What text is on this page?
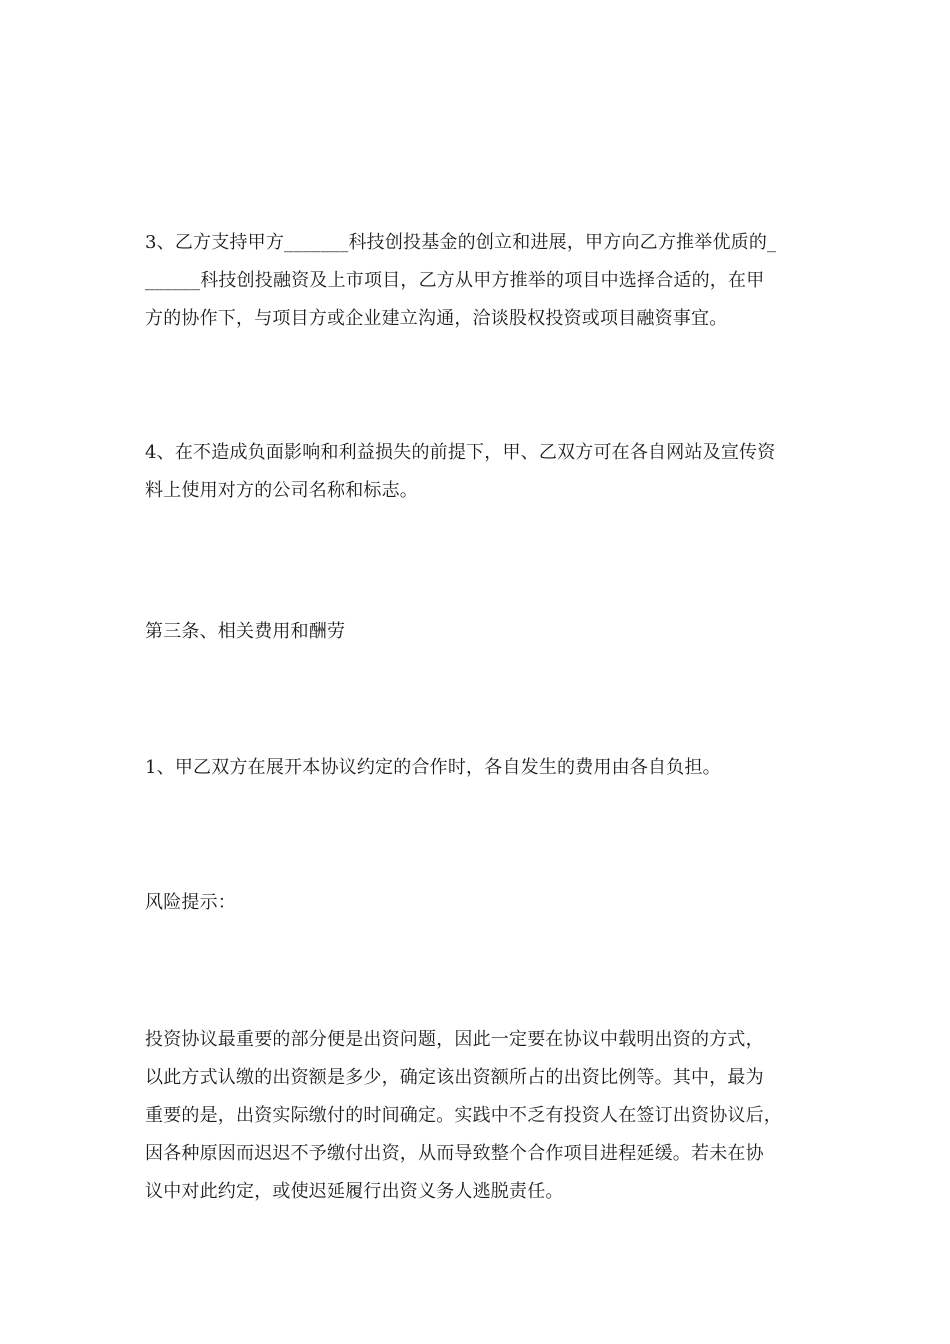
3、乙方支持甲方_______科技创投基金的创立和进展，甲方向乙方推举优质的_
______科技创投融资及上市项目，乙方从甲方推举的项目中选择合适的，在甲
方的协作下，与项目方或企业建立沟通，洽谈股权投资或项目融资事宜。

4、在不造成负面影响和利益损失的前提下，甲、乙双方可在各自网站及宣传资
料上使用对方的公司名称和标志。

第三条、相关费用和酬劳

1、甲乙双方在展开本协议约定的合作时，各自发生的费用由各自负担。

风险提示：

投资协议最重要的部分便是出资问题，因此一定要在协议中载明出资的方式，
以此方式认缴的出资额是多少，确定该出资额所占的出资比例等。其中，最为
重要的是，出资实际缴付的时间确定。实践中不乏有投资人在签订出资协议后，
因各种原因而迟迟不予缴付出资，从而导致整个合作项目进程延缓。若未在协
议中对此约定，或使迟延履行出资义务人逃脱责任。
